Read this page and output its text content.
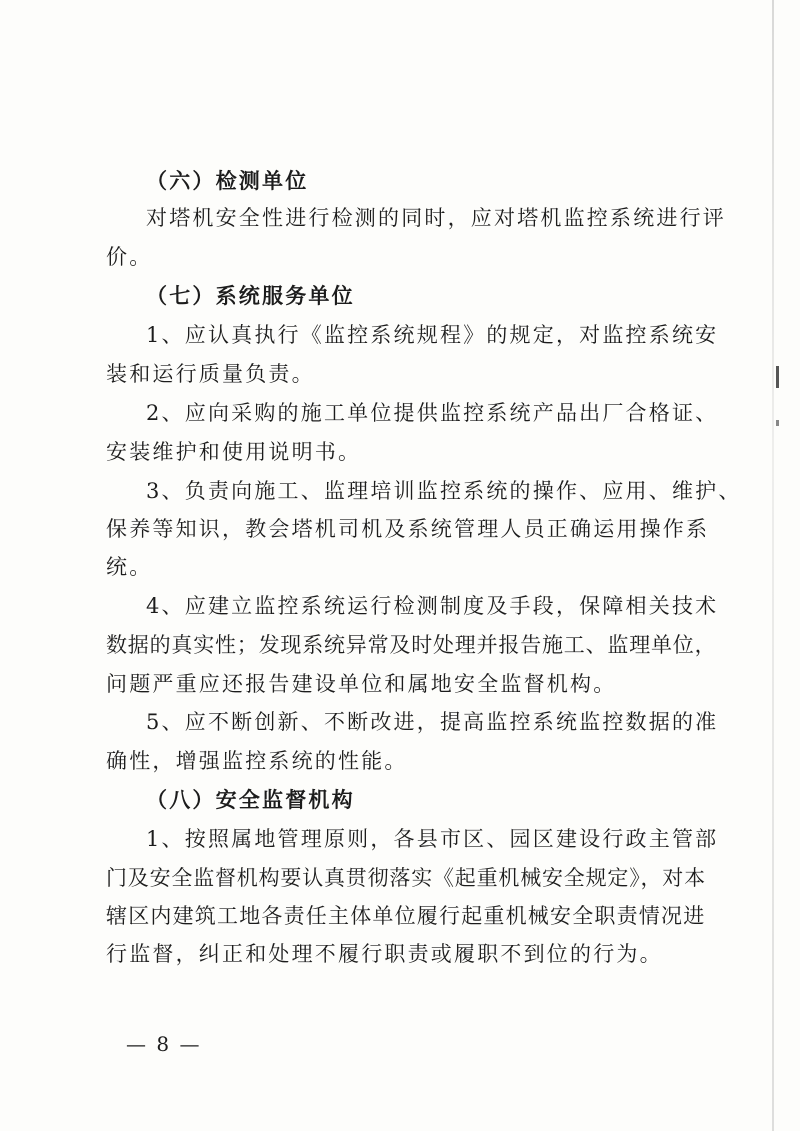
（六）检测单位
对塔机安全性进行检测的同时，应对塔机监控系统进行评
价。
（七）系统服务单位
1、应认真执行《监控系统规程》的规定，对监控系统安
装和运行质量负责。
2、应向采购的施工单位提供监控系统产品出厂合格证、
安装维护和使用说明书。
3、负责向施工、监理培训监控系统的操作、应用、维护、
保养等知识，教会塔机司机及系统管理人员正确运用操作系
统。
4、应建立监控系统运行检测制度及手段，保障相关技术
数据的真实性；发现系统异常及时处理并报告施工、监理单位，
问题严重应还报告建设单位和属地安全监督机构。
5、应不断创新、不断改进，提高监控系统监控数据的准
确性，增强监控系统的性能。
（八）安全监督机构
1、按照属地管理原则，各县市区、园区建设行政主管部
门及安全监督机构要认真贯彻落实《起重机械安全规定》，对本
辖区内建筑工地各责任主体单位履行起重机械安全职责情况进
行监督，纠正和处理不履行职责或履职不到位的行为。
— 8 —
